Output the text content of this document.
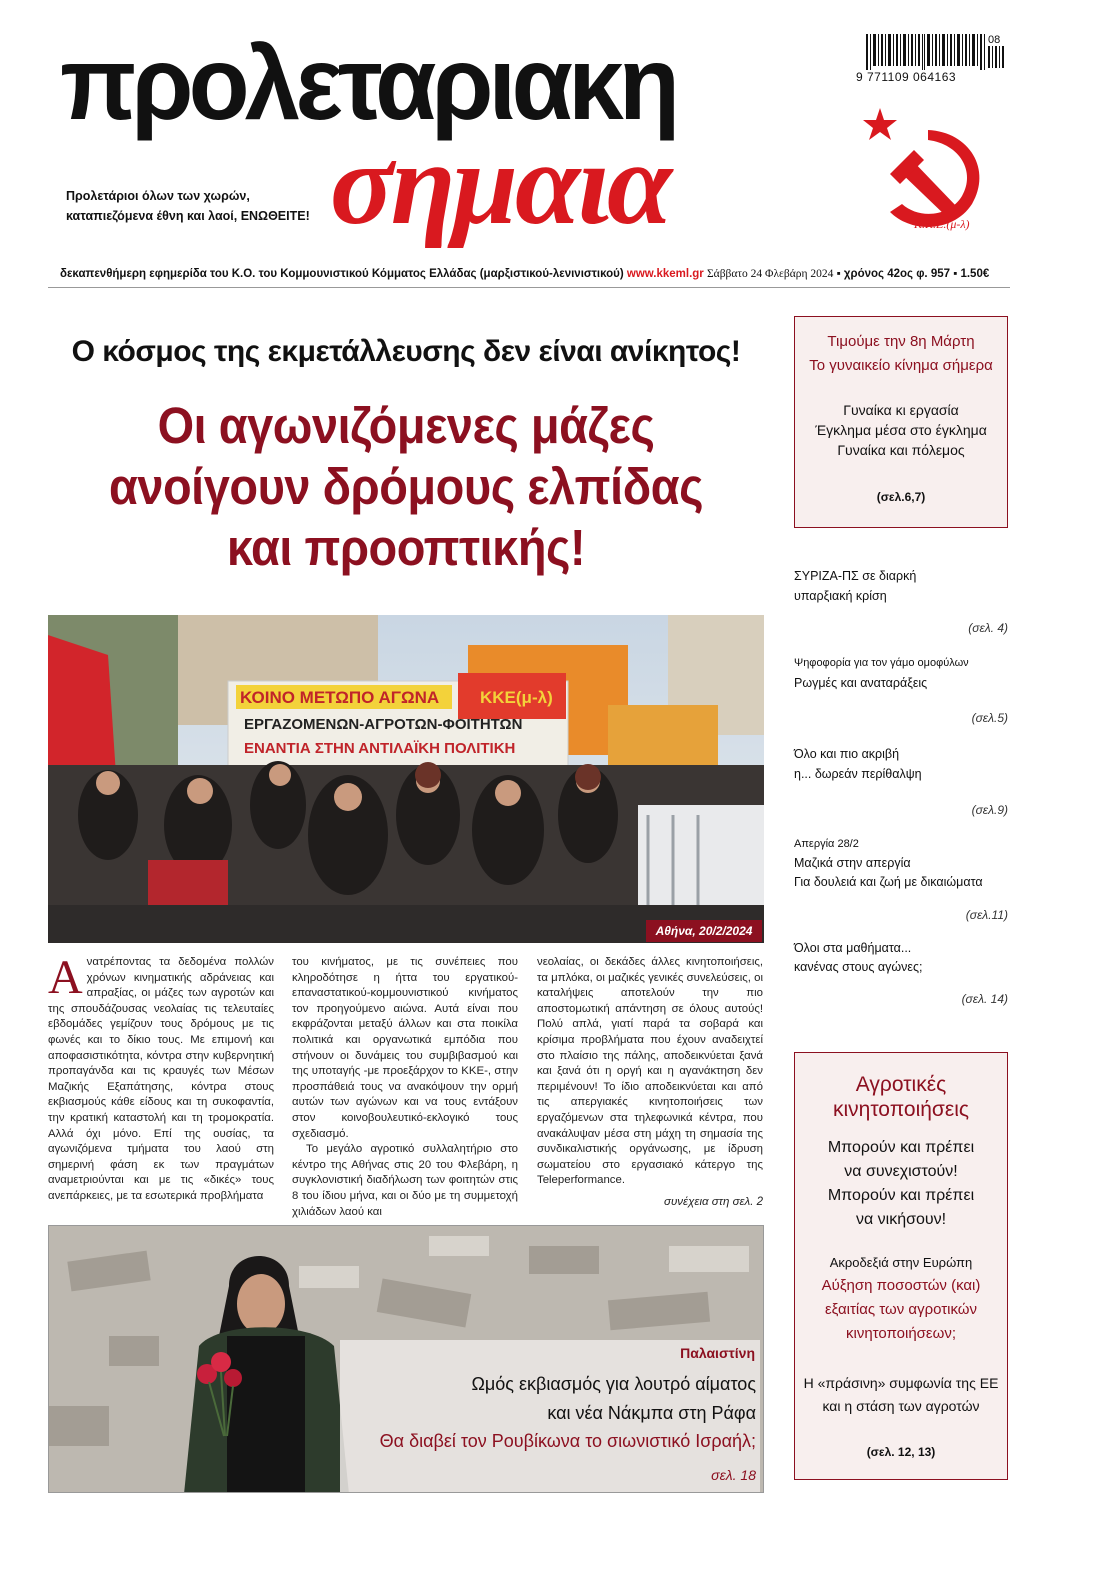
προλεταριακη
σημαια
Προλετάριοι όλων των χωρών,
καταπιεζόμενα έθνη και λαοί, ΕΝΩΘΕΙΤΕ!
9 771109 064163
08
Κ.Κ.Ε.(μ-λ)
δεκαπενθήμερη εφημερίδα του Κ.Ο. του Κομμουνιστικού Κόμματος Ελλάδας (μαρξιστικού-λενινιστικού) www.kkeml.gr Σάββατο 24 Φλεβάρη 2024 ▪ χρόνος 42ος φ. 957 ▪ 1.50€
Ο κόσμος της εκμετάλλευσης δεν είναι ανίκητος!
Οι αγωνιζόμενες μάζες
ανοίγουν δρόμους ελπίδας
και προοπτικής!
ΚΟΙΝΟ ΜΕΤΩΠΟ ΑΓΩΝΑ ΚΚΕ(μ-λ)
ΕΡΓΑΖΟΜΕΝΩΝ-ΑΓΡΟΤΩΝ-ΦΟΙΤΗΤΩΝ
ΕΝΑΝΤΙΑ ΣΤΗΝ ΑΝΤΙΛΑΪΚΗ ΠΟΛΙΤΙΚΗ
Αθήνα, 20/2/2024
Ανατρέποντας τα δεδομένα πολλών χρόνων κινηματικής αδράνειας και απραξίας, οι μάζες των αγροτών και της σπουδάζουσας νεολαίας τις τελευταίες εβδομάδες γεμίζουν τους δρόμους με τις φωνές και το δίκιο τους. Με επιμονή και αποφασιστικότητα, κόντρα στην κυβερνητική προπαγάνδα και τις κραυγές των Μέσων Μαζικής Εξαπάτησης, κόντρα στους εκβιασμούς κάθε είδους και τη συκοφαντία, την κρατική καταστολή και τη τρομοκρατία. Αλλά όχι μόνο. Επί της ουσίας, τα αγωνιζόμενα τμήματα του λαού στη σημερινή φάση εκ των πραγμάτων αναμετριούνται και με τις «δικές» τους ανεπάρκειες, με τα εσωτερικά προβλήματα
του κινήματος, με τις συνέπειες που κληροδότησε η ήττα του εργατικού-επαναστατικού-κομμουνιστικού κινήματος τον προηγούμενο αιώνα. Αυτά είναι που εκφράζονται μεταξύ άλλων και στα ποικίλα πολιτικά και οργανωτικά εμπόδια που στήνουν οι δυνάμεις του συμβιβασμού και της υποταγής -με προεξάρχον το ΚΚΕ-, στην προσπάθειά τους να ανακόψουν την ορμή αυτών των αγώνων και να τους εντάξουν στον κοινοβουλευτικό-εκλογικό τους σχεδιασμό.
Το μεγάλο αγροτικό συλλαλητήριο στο κέντρο της Αθήνας στις 20 του Φλεβάρη, η συγκλονιστική διαδήλωση των φοιτητών στις 8 του ίδιου μήνα, και οι δύο με τη συμμετοχή χιλιάδων λαού και
νεολαίας, οι δεκάδες άλλες κινητοποιήσεις, τα μπλόκα, οι μαζικές γενικές συνελεύσεις, οι καταλήψεις αποτελούν την πιο αποστομωτική απάντηση σε όλους αυτούς! Πολύ απλά, γιατί παρά τα σοβαρά και κρίσιμα προβλήματα που έχουν αναδειχτεί στο πλαίσιο της πάλης, αποδεικνύεται ξανά και ξανά ότι η οργή και η αγανάκτηση δεν περιμένουν! Το ίδιο αποδεικνύεται και από τις απεργιακές κινητοποιήσεις των εργαζόμενων στα τηλεφωνικά κέντρα, που ανακάλυψαν μέσα στη μάχη τη σημασία της συνδικαλιστικής οργάνωσης, με ίδρυση σωματείου στο εργασιακό κάτεργο της Teleperformance.
συνέχεια στη σελ. 2
Παλαιστίνη
Ωμός εκβιασμός για λουτρό αίματος
και νέα Νάκμπα στη Ράφα
Θα διαβεί τον Ρουβίκωνα το σιωνιστικό Ισραήλ;
σελ. 18
Τιμούμε την 8η Μάρτη
Το γυναικείο κίνημα σήμερα
Γυναίκα κι εργασία
Έγκλημα μέσα στο έγκλημα
Γυναίκα και πόλεμος
(σελ.6,7)
ΣΥΡΙΖΑ-ΠΣ σε διαρκή
υπαρξιακή κρίση
(σελ. 4)
Ψηφοφορία για τον γάμο ομοφύλων
Ρωγμές και αναταράξεις
(σελ.5)
Όλο και πιο ακριβή
η... δωρεάν περίθαλψη
(σελ.9)
Απεργία 28/2
Μαζικά στην απεργία
Για δουλειά και ζωή με δικαιώματα
(σελ.11)
Όλοι στα μαθήματα...
κανένας στους αγώνες;
(σελ. 14)
Αγροτικές
κινητοποιήσεις
Μπορούν και πρέπει
να συνεχιστούν!
Μπορούν και πρέπει
να νικήσουν!
Ακροδεξιά στην Ευρώπη
Αύξηση ποσοστών (και)
εξαιτίας των αγροτικών
κινητοποιήσεων;
Η «πράσινη» συμφωνία της ΕΕ
και η στάση των αγροτών
(σελ. 12, 13)
